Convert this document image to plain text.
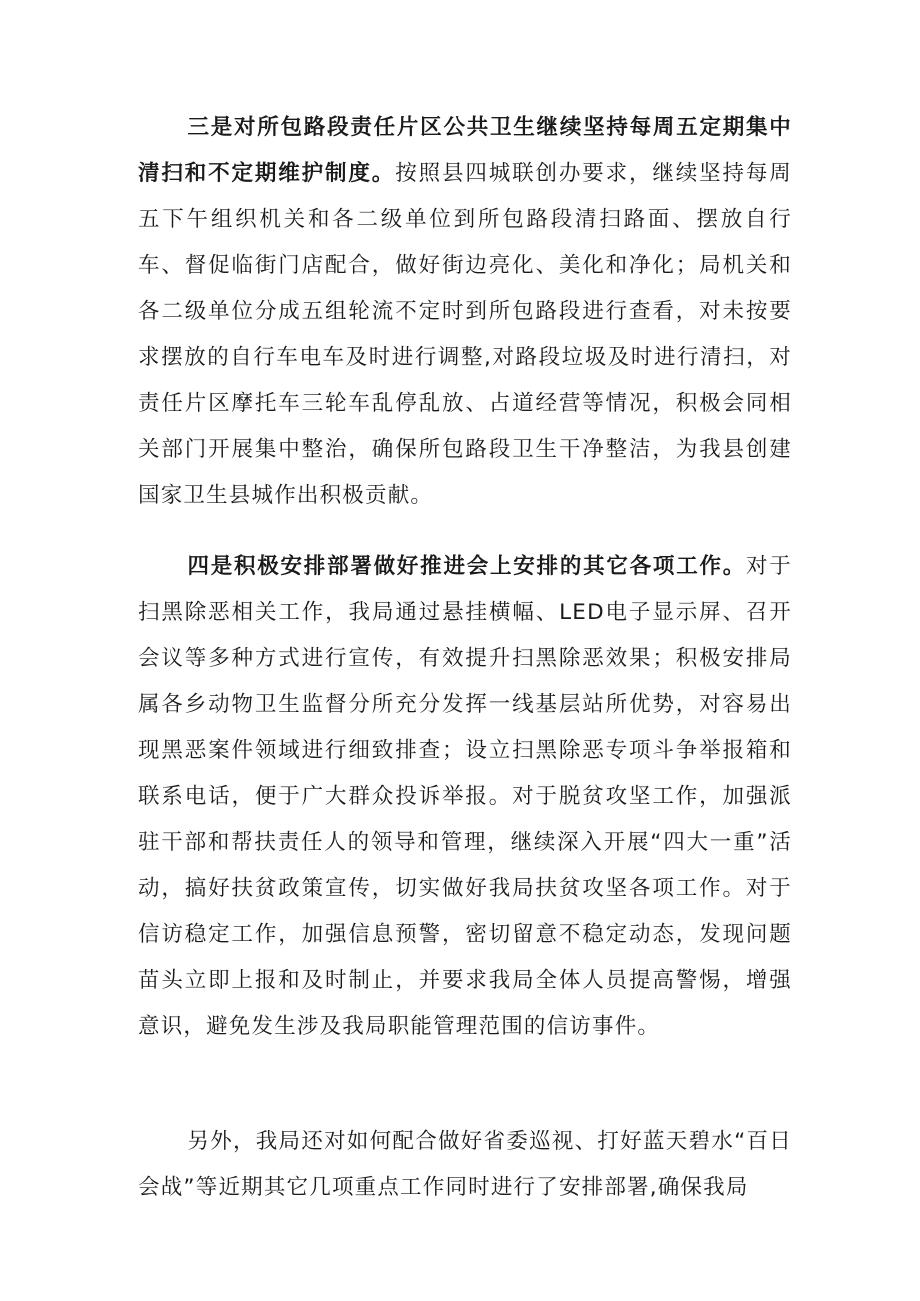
三是对所包路段责任片区公共卫生继续坚持每周五定期集中清扫和不定期维护制度。按照县四城联创办要求，继续坚持每周五下午组织机关和各二级单位到所包路段清扫路面、摆放自行车、督促临街门店配合，做好街边亮化、美化和净化；局机关和各二级单位分成五组轮流不定时到所包路段进行查看，对未按要求摆放的自行车电车及时进行调整,对路段垃圾及时进行清扫，对责任片区摩托车三轮车乱停乱放、占道经营等情况，积极会同相关部门开展集中整治，确保所包路段卫生干净整洁，为我县创建国家卫生县城作出积极贡献。

四是积极安排部署做好推进会上安排的其它各项工作。对于扫黑除恶相关工作，我局通过悬挂横幅、LED电子显示屏、召开会议等多种方式进行宣传，有效提升扫黑除恶效果；积极安排局属各乡动物卫生监督分所充分发挥一线基层站所优势，对容易出现黑恶案件领域进行细致排查；设立扫黑除恶专项斗争举报箱和联系电话，便于广大群众投诉举报。对于脱贫攻坚工作，加强派驻干部和帮扶责任人的领导和管理，继续深入开展“四大一重”活动，搞好扶贫政策宣传，切实做好我局扶贫攻坚各项工作。对于信访稳定工作，加强信息预警，密切留意不稳定动态，发现问题苗头立即上报和及时制止，并要求我局全体人员提高警惕，增强意识，避免发生涉及我局职能管理范围的信访事件。

另外，我局还对如何配合做好省委巡视、打好蓝天碧水“百日会战”等近期其它几项重点工作同时进行了安排部署,确保我局
